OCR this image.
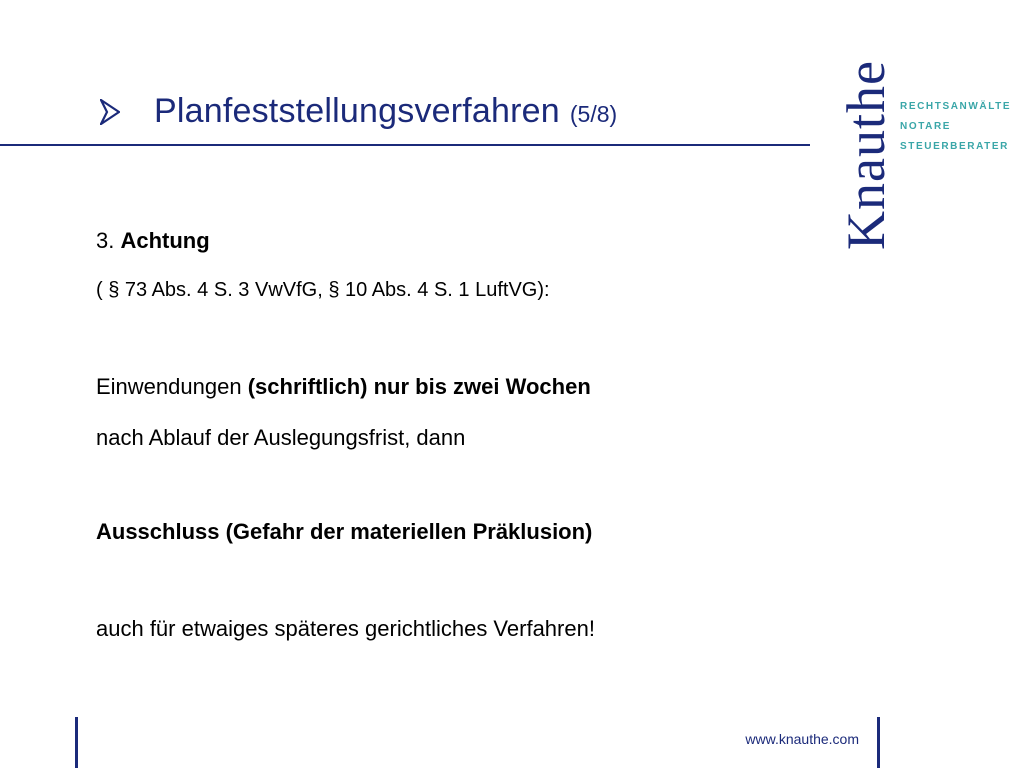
Planfeststellungsverfahren (5/8)	Knauthe RECHTSANWÄLTE
NOTARE
STEUERBERATER
3. Achtung
( § 73 Abs. 4 S. 3 VwVfG, § 10 Abs. 4 S. 1 LuftVG):
Einwendungen (schriftlich) nur bis zwei Wochen
nach Ablauf der Auslegungsfrist, dann
Ausschluss (Gefahr der materiellen Präklusion)
auch für etwaiges späteres gerichtliches Verfahren!
www.knauthe.com
